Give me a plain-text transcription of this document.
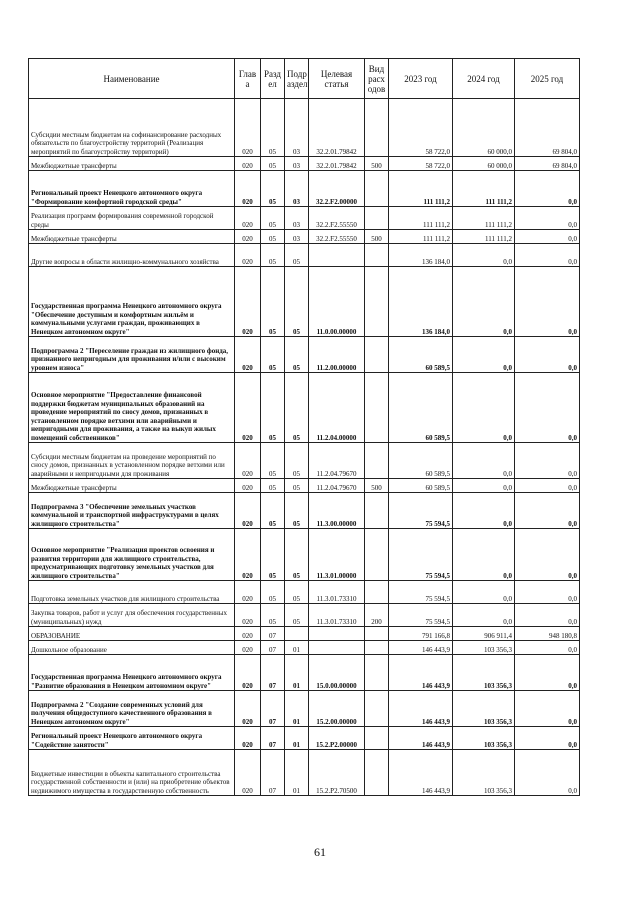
Наименование	Глав а	Разд ел	Подр аздел	Целевая статья	Вид расх одов	2023 год	2024 год	2025 год
Субсидии местным бюджетам на софинансирование расходных обязательств по благоустройству территорий (Реализация мероприятий по благоустройству территорий)	020	05	03	32.2.01.79842		58 722,0	60 000,0	69 804,0
Межбюджетные трансферты	020	05	03	32.2.01.79842	500	58 722,0	60 000,0	69 804,0
Региональный проект Ненецкого автономного округа "Формирование комфортной городской среды"	020	05	03	32.2.F2.00000		111 111,2	111 111,2	0,0
Реализация программ формирования современной городской среды	020	05	03	32.2.F2.55550		111 111,2	111 111,2	0,0
Межбюджетные трансферты	020	05	03	32.2.F2.55550	500	111 111,2	111 111,2	0,0
Другие вопросы в области жилищно-коммунального хозяйства	020	05	05			136 184,0	0,0	0,0
Государственная программа Ненецкого автономного округа "Обеспечение доступным и комфортным жильём и коммунальными услугами граждан, проживающих в Ненецком автономном округе"	020	05	05	11.0.00.00000		136 184,0	0,0	0,0
Подпрограмма 2 "Переселение граждан из жилищного фонда, признанного непригодным для проживания и/или с высоким уровнем износа"	020	05	05	11.2.00.00000		60 589,5	0,0	0,0
Основное мероприятие "Предоставление финансовой поддержки бюджетам муниципальных образований на проведение мероприятий по сносу домов, признанных в установленном порядке ветхими или аварийными и непригодными для проживания, а также на выкуп жилых помещений собственников"	020	05	05	11.2.04.00000		60 589,5	0,0	0,0
Субсидии местным бюджетам на проведение мероприятий по сносу домов, признанных в установленном порядке ветхими или аварийными и непригодными для проживания	020	05	05	11.2.04.79670		60 589,5	0,0	0,0
Межбюджетные трансферты	020	05	05	11.2.04.79670	500	60 589,5	0,0	0,0
Подпрограмма 3 "Обеспечение земельных участков коммунальной и транспортной инфраструктурами в целях жилищного строительства"	020	05	05	11.3.00.00000		75 594,5	0,0	0,0
Основное мероприятие "Реализация проектов освоения и развития территории для жилищного строительства, предусматривающих подготовку земельных участков для жилищного строительства"	020	05	05	11.3.01.00000		75 594,5	0,0	0,0
Подготовка земельных участков для жилищного строительства	020	05	05	11.3.01.73310		75 594,5	0,0	0,0
Закупка товаров, работ и услуг для обеспечения государственных (муниципальных) нужд	020	05	05	11.3.01.73310	200	75 594,5	0,0	0,0
ОБРАЗОВАНИЕ	020	07				791 166,8	906 911,4	948 180,8
Дошкольное образование	020	07	01			146 443,9	103 356,3	0,0
Государственная программа Ненецкого автономного округа "Развитие образования в Ненецком автономном округе"	020	07	01	15.0.00.00000		146 443,9	103 356,3	0,0
Подпрограмма 2 "Создание современных условий для получения общедоступного качественного образования в Ненецком автономном округе"	020	07	01	15.2.00.00000		146 443,9	103 356,3	0,0
Региональный проект Ненецкого автономного округа "Содействие занятости"	020	07	01	15.2.P2.00000		146 443,9	103 356,3	0,0
Бюджетные инвестиции в объекты капитального строительства государственной собственности и (или) на приобретение объектов недвижимого имущества в государственную собственность	020	07	01	15.2.P2.70500		146 443,9	103 356,3	0,0
61
